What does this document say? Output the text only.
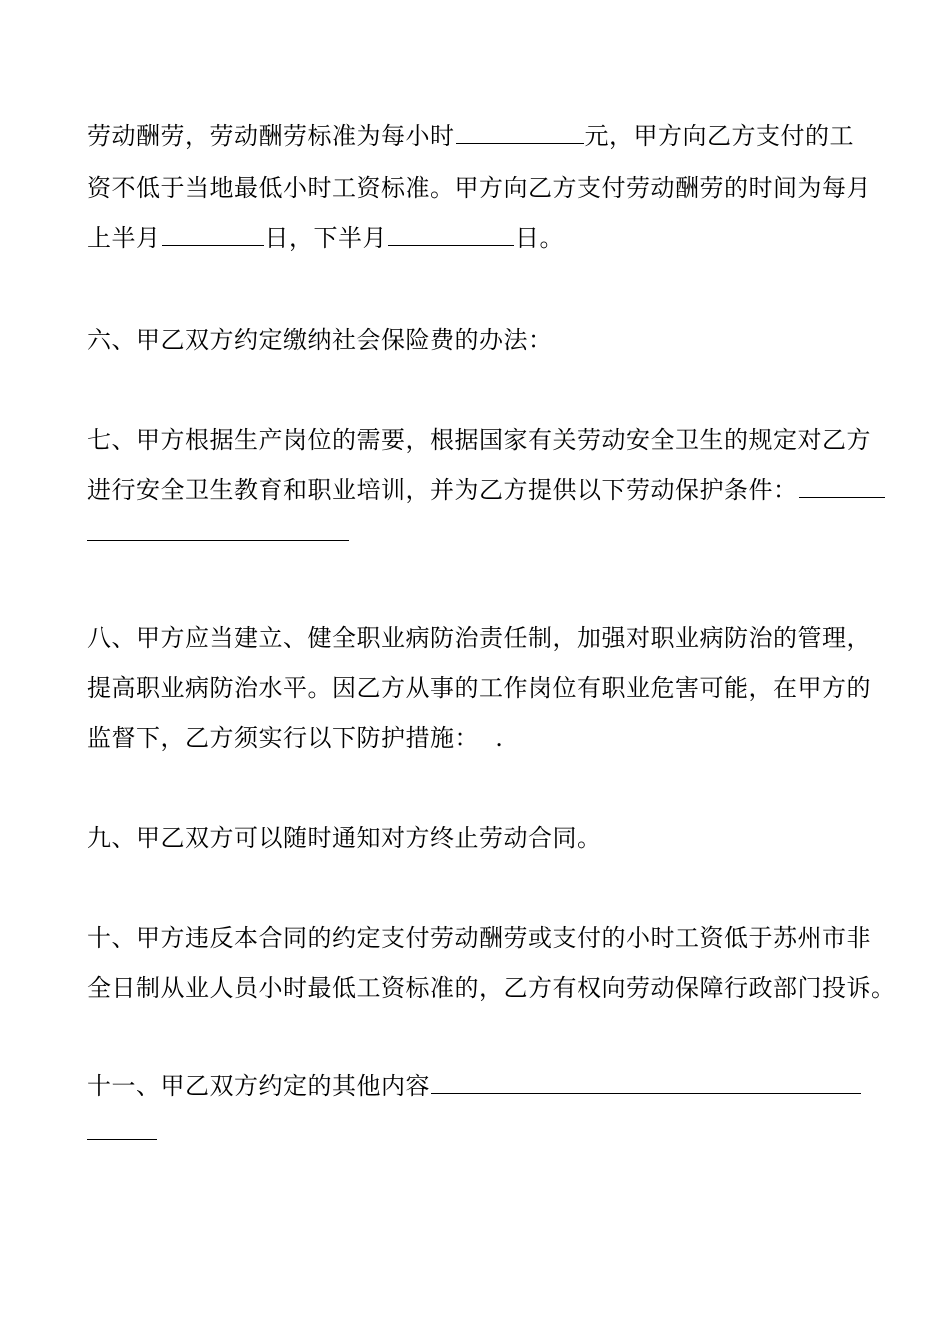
劳动酬劳，劳动酬劳标准为每小时	元，甲方向乙方支付的工
资不低于当地最低小时工资标准。甲方向乙方支付劳动酬劳的时间为每月
上半月	日，下半月	日。
六、甲乙双方约定缴纳社会保险费的办法：
七、甲方根据生产岗位的需要，根据国家有关劳动安全卫生的规定对乙方
进行安全卫生教育和职业培训，并为乙方提供以下劳动保护条件：
八、甲方应当建立、健全职业病防治责任制，加强对职业病防治的管理，
提高职业病防治水平。因乙方从事的工作岗位有职业危害可能，在甲方的
监督下，乙方须实行以下防护措施：  .
九、甲乙双方可以随时通知对方终止劳动合同。
十、甲方违反本合同的约定支付劳动酬劳或支付的小时工资低于苏州市非
全日制从业人员小时最低工资标准的，乙方有权向劳动保障行政部门投诉。
十一、甲乙双方约定的其他内容
